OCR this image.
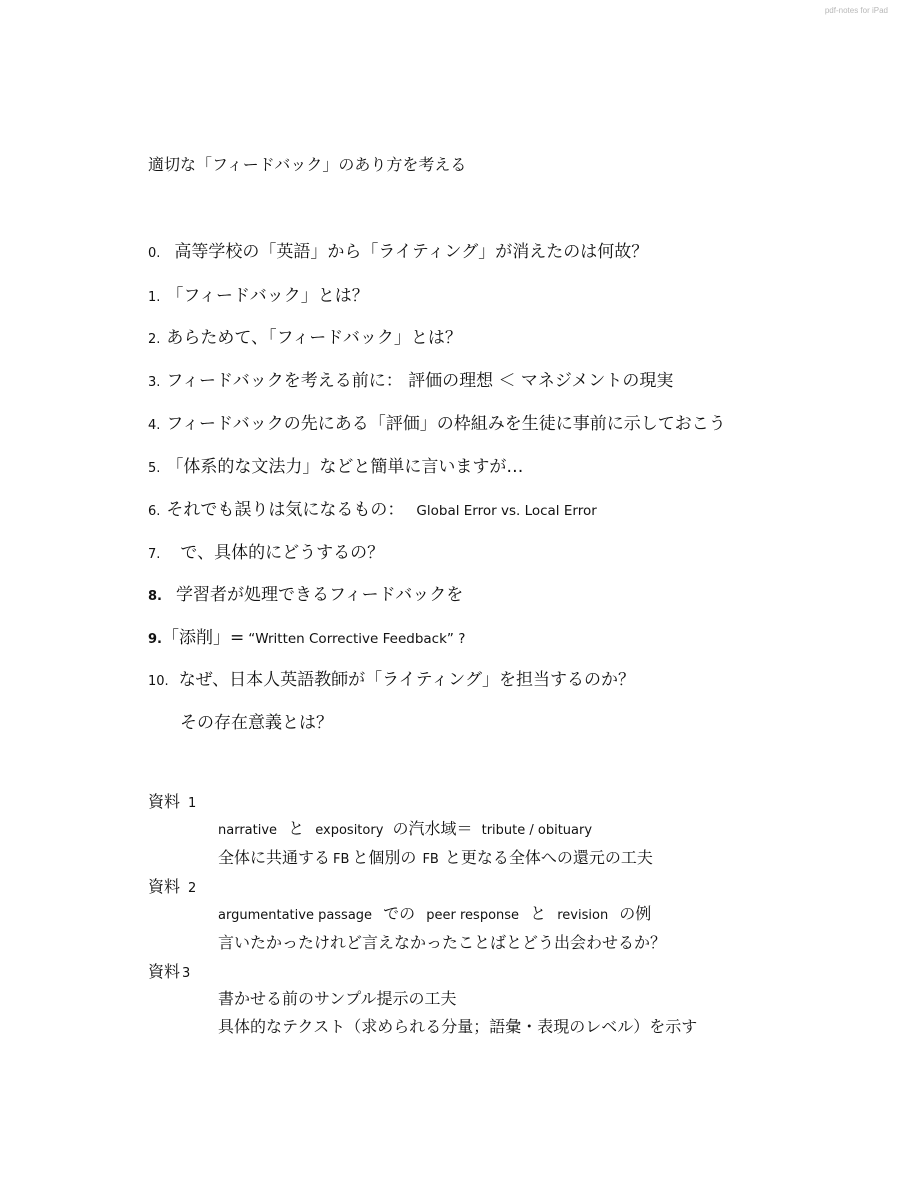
pdf-notes for iPad
適切な「フィードバック」のあり方を考える
0. 高等学校の「英語」から「ライティング」が消えたのは何故？
1. 「フィードバック」とは？
2. あらためて、「フィードバック」とは？
3. フィードバックを考える前に： 評価の理想 ＜ マネジメントの現実
4. フィードバックの先にある「評価」の枠組みを生徒に事前に示しておこう
5. 「体系的な文法力」などと簡単に言いますが…
6. それでも誤りは気になるもの： Global Error vs. Local Error
7. で、具体的にどうするの？
8. 学習者が処理できるフィードバックを
9.「添削」= “Written Corrective Feedback” ?
10. なぜ、日本人英語教師が「ライティング」を担当するのか？
その存在意義とは？
資料 1
narrative と expository の汽水域＝ tribute / obituary
全体に共通する FB と個別の FB と更なる全体への還元の工夫
資料 2
argumentative passage での peer response と revision の例
言いたかったけれど言えなかったことばとどう出会わせるか？
資料 3
書かせる前のサンプル提示の工夫
具体的なテクスト（求められる分量；語彙・表現のレベル）を示す
